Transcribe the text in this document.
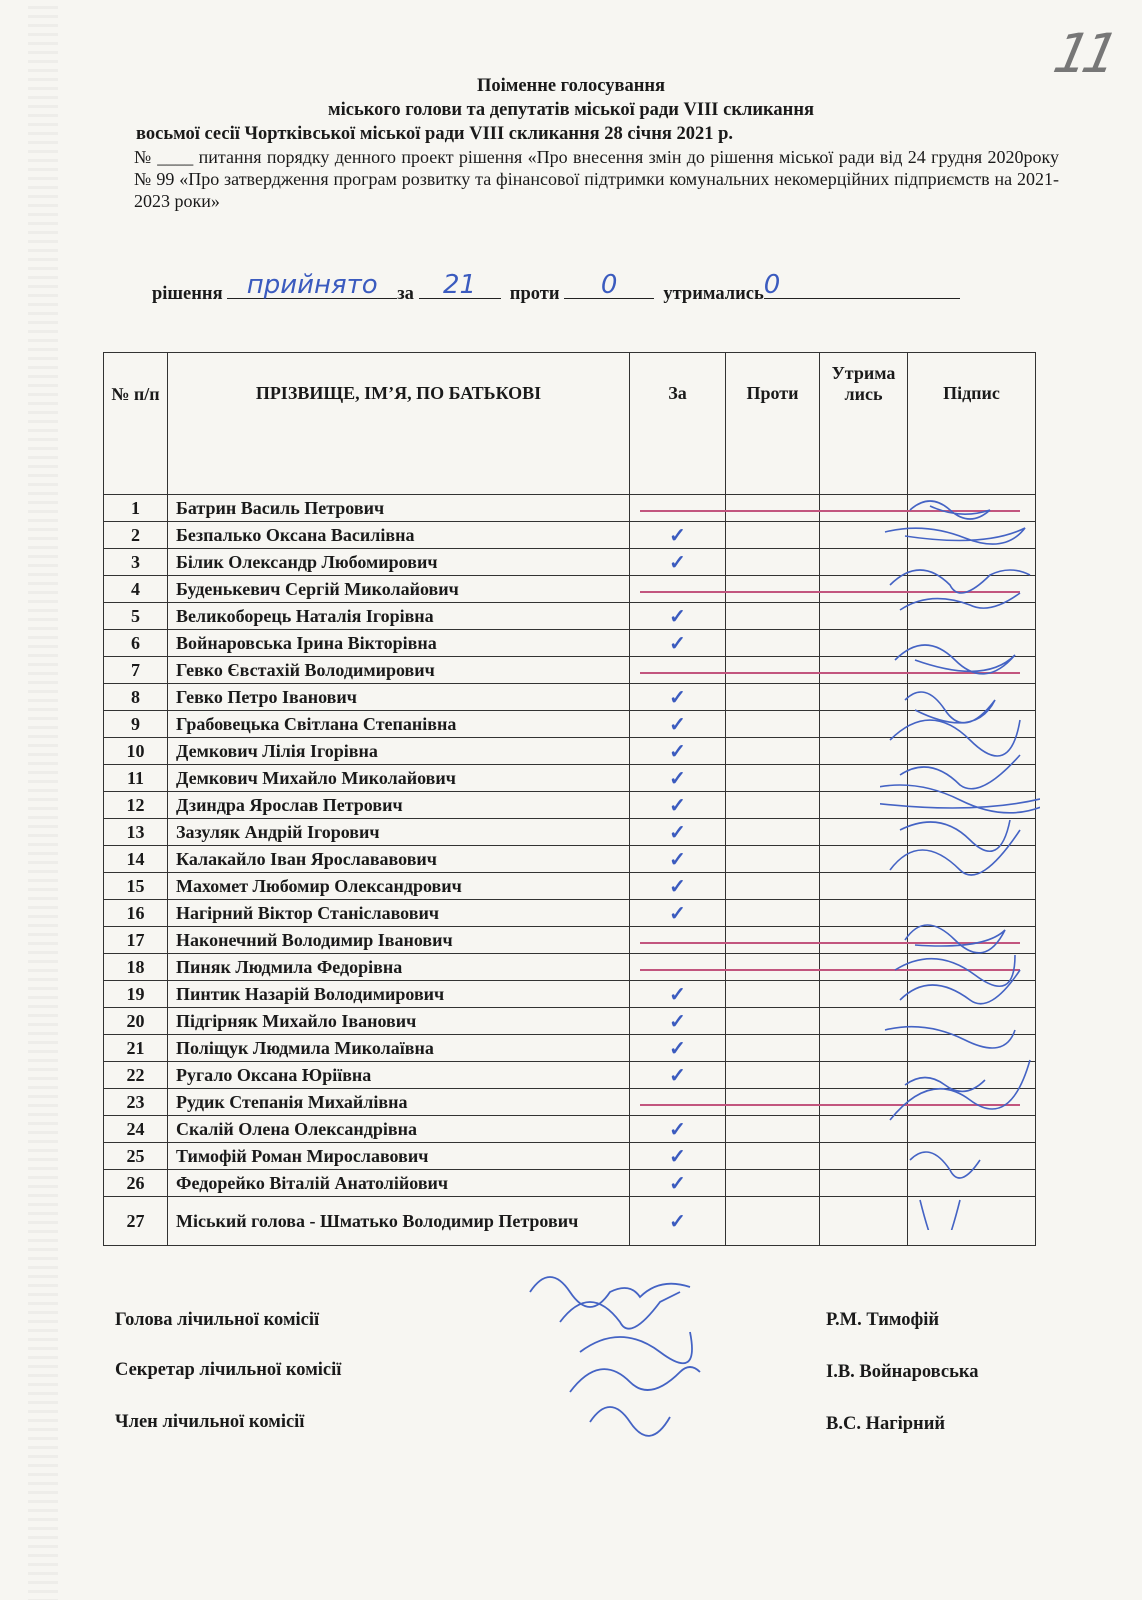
11
Поіменне голосування
міського голови та депутатів міської ради VIII скликання
восьмої сесії Чортківської міської ради VIII скликання 28 січня 2021 р.
№ ____ питання порядку денного проект рішення «Про внесення змін до рішення міської ради від 24 грудня 2020року № 99 «Про затвердження програм розвитку та фінансової підтримки комунальних некомерційних підприємств на 2021-2023 роки»
рішення прийнято	за	21	проти	0	утримались 0
№ п/п	ПРІЗВИЩЕ, ІМ’Я, ПО БАТЬКОВІ	За	Проти	Утримались	Підпис
1	Батрин Василь Петрович				
2	Безпалько Оксана Василівна	✓			
3	Білик Олександр Любомирович	✓			
4	Буденькевич Сергій Миколайович				
5	Великоборець Наталія Ігорівна	✓			
6	Войнаровська Ірина Вікторівна	✓			
7	Гевко Євстахій Володимирович				
8	Гевко Петро Іванович	✓			
9	Грабовецька Світлана Степанівна	✓			
10	Демкович Лілія Ігорівна	✓			
11	Демкович Михайло Миколайович	✓			
12	Дзиндра Ярослав Петрович	✓			
13	Зазуляк Андрій Ігорович	✓			
14	Калакайло Іван Ярослававович	✓			
15	Махомет Любомир Олександрович	✓			
16	Нагірний Віктор Станіславович	✓			
17	Наконечний Володимир Іванович				
18	Пиняк Людмила Федорівна				
19	Пинтик Назарій Володимирович	✓			
20	Підгірняк Михайло Іванович	✓			
21	Поліщук Людмила Миколаївна	✓			
22	Ругало Оксана Юріївна	✓			
23	Рудик Степанія Михайлівна				
24	Скалій Олена Олександрівна	✓			
25	Тимофій Роман Мирославович	✓			
26	Федорейко Віталій Анатолійович	✓			
27	Міський голова - Шматько Володимир Петрович	✓			
Голова лічильної комісії	Р.М. Тимофій
Секретар лічильної комісії	І.В. Войнаровська
Член лічильної комісії	В.С. Нагірний
